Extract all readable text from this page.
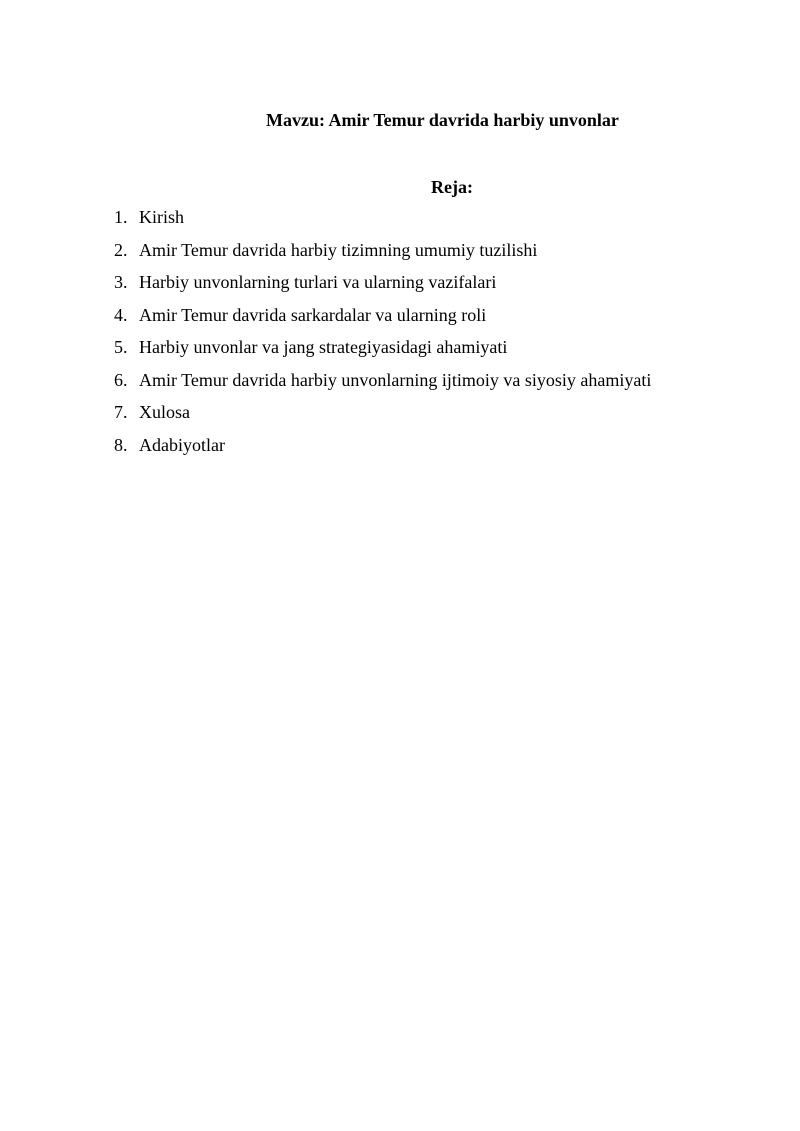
Mavzu: Amir Temur davrida harbiy unvonlar
Reja:
1. Kirish
2. Amir Temur davrida harbiy tizimning umumiy tuzilishi
3. Harbiy unvonlarning turlari va ularning vazifalari
4. Amir Temur davrida sarkardalar va ularning roli
5. Harbiy unvonlar va jang strategiyasidagi ahamiyati
6. Amir Temur davrida harbiy unvonlarning ijtimoiy va siyosiy ahamiyati
7. Xulosa
8. Adabiyotlar
